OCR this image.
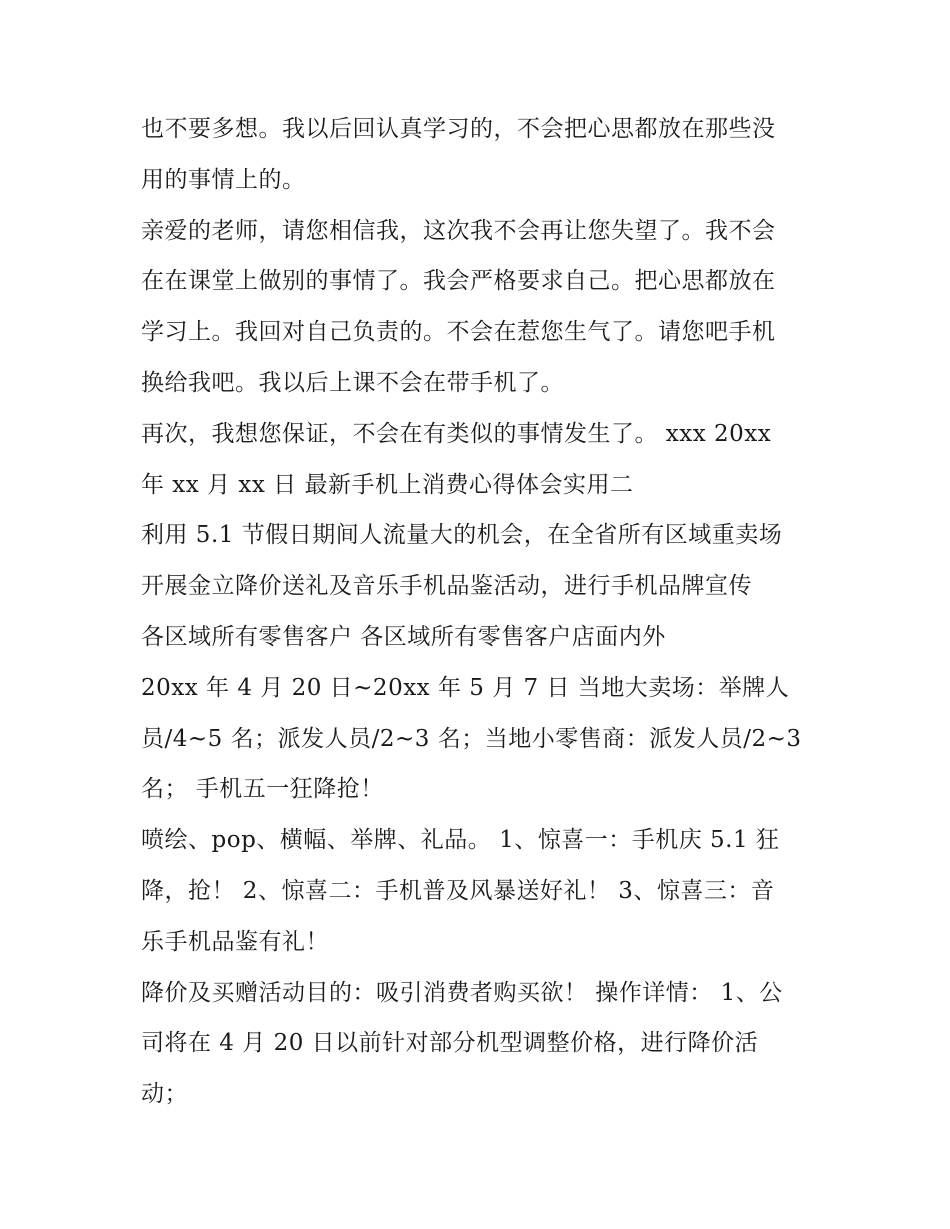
也不要多想。我以后回认真学习的，不会把心思都放在那些没
用的事情上的。
亲爱的老师，请您相信我，这次我不会再让您失望了。我不会
在在课堂上做别的事情了。我会严格要求自己。把心思都放在
学习上。我回对自己负责的。不会在惹您生气了。请您吧手机
换给我吧。我以后上课不会在带手机了。
再次，我想您保证，不会在有类似的事情发生了。 xxx 20xx
年 xx 月 xx 日 最新手机上消费心得体会实用二
利用 5.1 节假日期间人流量大的机会，在全省所有区域重卖场
开展金立降价送礼及音乐手机品鉴活动，进行手机品牌宣传
各区域所有零售客户 各区域所有零售客户店面内外
20xx 年 4 月 20 日~20xx 年 5 月 7 日 当地大卖场：举牌人
员/4~5 名；派发人员/2~3 名；当地小零售商：派发人员/2~3
名； 手机五一狂降抢！
喷绘、pop、横幅、举牌、礼品。 1、惊喜一：手机庆 5.1 狂
降，抢！ 2、惊喜二：手机普及风暴送好礼！ 3、惊喜三：音
乐手机品鉴有礼！
降价及买赠活动目的：吸引消费者购买欲！ 操作详情： 1、公
司将在 4 月 20 日以前针对部分机型调整价格，进行降价活
动；
